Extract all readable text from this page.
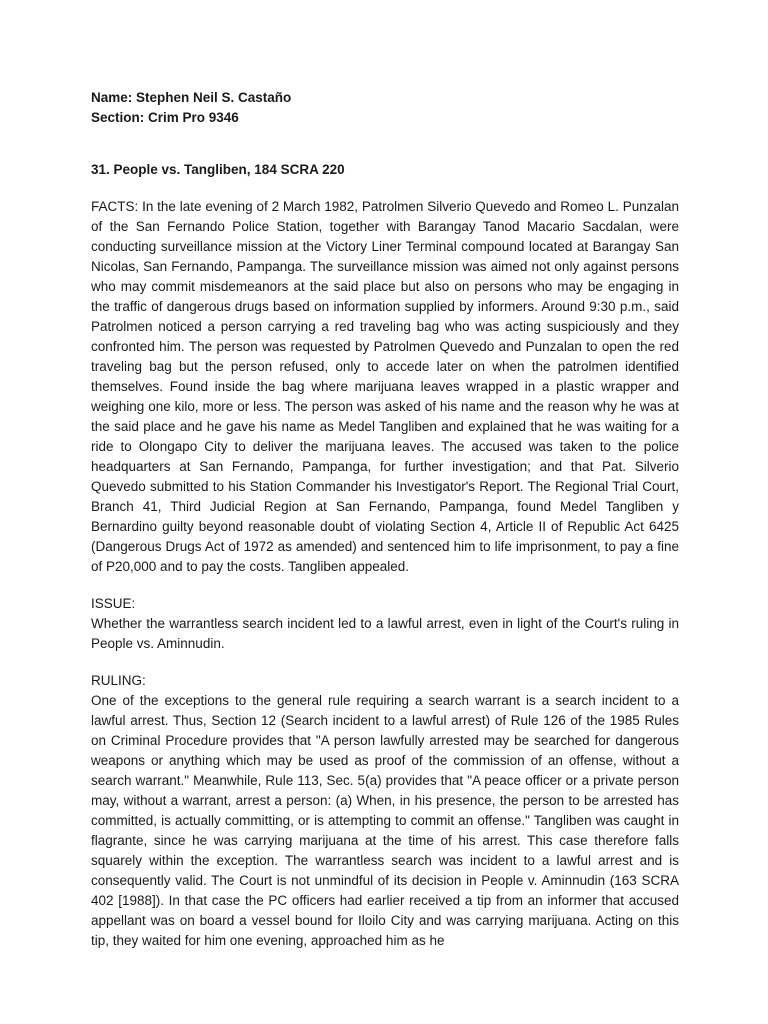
Name: Stephen Neil S. Castaño

Section: Crim Pro 9346

31. People vs. Tangliben, 184 SCRA 220

FACTS: In the late evening of 2 March 1982, Patrolmen Silverio Quevedo and Romeo L. Punzalan of the San Fernando Police Station, together with Barangay Tanod Macario Sacdalan, were conducting surveillance mission at the Victory Liner Terminal compound located at Barangay San Nicolas, San Fernando, Pampanga. The surveillance mission was aimed not only against persons who may commit misdemeanors at the said place but also on persons who may be engaging in the traffic of dangerous drugs based on information supplied by informers. Around 9:30 p.m., said Patrolmen noticed a person carrying a red traveling bag who was acting suspiciously and they confronted him. The person was requested by Patrolmen Quevedo and Punzalan to open the red traveling bag but the person refused, only to accede later on when the patrolmen identified themselves. Found inside the bag where marijuana leaves wrapped in a plastic wrapper and weighing one kilo, more or less. The person was asked of his name and the reason why he was at the said place and he gave his name as Medel Tangliben and explained that he was waiting for a ride to Olongapo City to deliver the marijuana leaves. The accused was taken to the police headquarters at San Fernando, Pampanga, for further investigation; and that Pat. Silverio Quevedo submitted to his Station Commander his Investigator's Report. The Regional Trial Court, Branch 41, Third Judicial Region at San Fernando, Pampanga, found Medel Tangliben y Bernardino guilty beyond reasonable doubt of violating Section 4, Article II of Republic Act 6425 (Dangerous Drugs Act of 1972 as amended) and sentenced him to life imprisonment, to pay a fine of P20,000 and to pay the costs. Tangliben appealed.

ISSUE:

Whether the warrantless search incident led to a lawful arrest, even in light of the Court's ruling in People vs. Aminnudin.

RULING:

One of the exceptions to the general rule requiring a search warrant is a search incident to a lawful arrest. Thus, Section 12 (Search incident to a lawful arrest) of Rule 126 of the 1985 Rules on Criminal Procedure provides that "A person lawfully arrested may be searched for dangerous weapons or anything which may be used as proof of the commission of an offense, without a search warrant." Meanwhile, Rule 113, Sec. 5(a) provides that "A peace officer or a private person may, without a warrant, arrest a person: (a) When, in his presence, the person to be arrested has committed, is actually committing, or is attempting to commit an offense." Tangliben was caught in flagrante, since he was carrying marijuana at the time of his arrest. This case therefore falls squarely within the exception. The warrantless search was incident to a lawful arrest and is consequently valid. The Court is not unmindful of its decision in People v. Aminnudin (163 SCRA 402 [1988]). In that case the PC officers had earlier received a tip from an informer that accused appellant was on board a vessel bound for Iloilo City and was carrying marijuana. Acting on this tip, they waited for him one evening, approached him as he
